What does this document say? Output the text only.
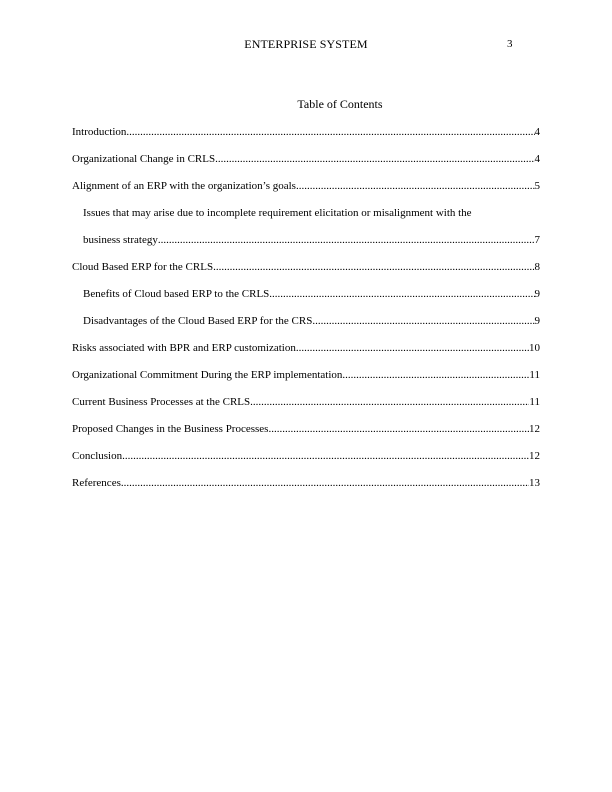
ENTERPRISE SYSTEM	3
Table of Contents
Introduction .....	4
Organizational Change in CRLS .....	4
Alignment of an ERP with the organization’s goals .....	5
Issues that may arise due to incomplete requirement elicitation or misalignment with the
business strategy .....	7
Cloud Based ERP for the CRLS .....	8
Benefits of Cloud based ERP to the CRLS .....	9
Disadvantages of the Cloud Based ERP for the CRS .....	9
Risks associated with BPR and ERP customization .....	10
Organizational Commitment During the ERP implementation .....	11
Current Business Processes at the CRLS .....	11
Proposed Changes in the Business Processes .....	12
Conclusion .....	12
References .....	13
